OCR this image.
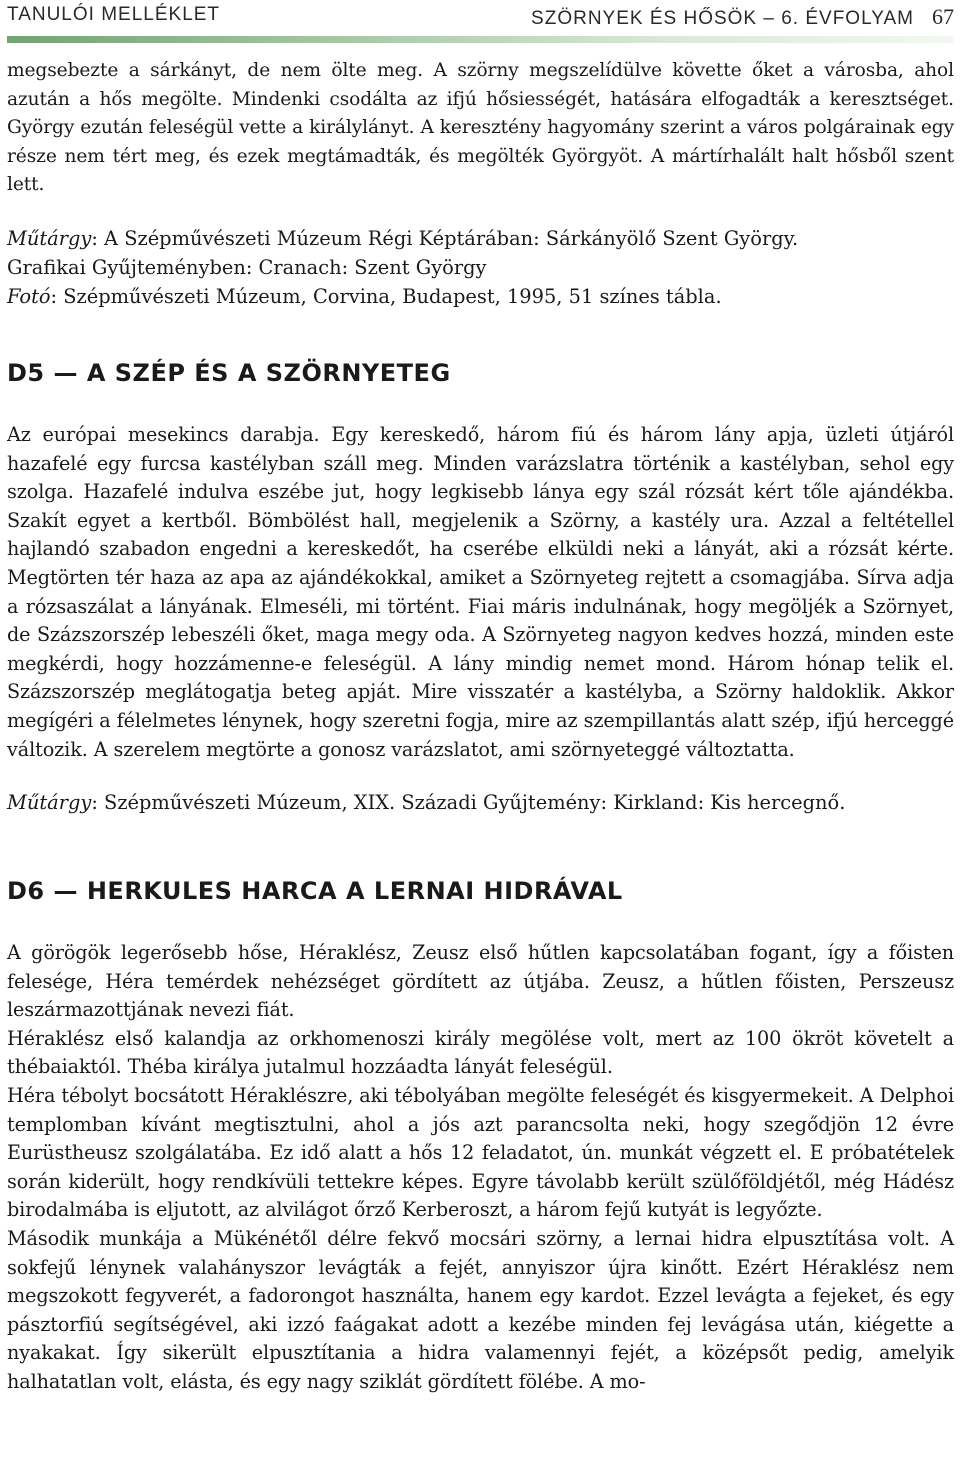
TANULÓI MELLÉKLET	SZÖRNYEK ÉS HŐSÖK – 6. ÉVFOLYAM 67

megsebezte a sárkányt, de nem ölte meg. A szörny megszelídülve követte őket a városba, ahol azután a hős megölte. Mindenki csodálta az ifjú hősiességét, hatására elfogadták a keresztséget. György ezután feleségül vette a királylányt. A keresztény hagyomány szerint a város polgárainak egy része nem tért meg, és ezek megtámadták, és megölték Györgyöt. A mártírhalált halt hősből szent lett.

Műtárgy: A Szépművészeti Múzeum Régi Képtárában: Sárkányölő Szent György.

Grafikai Gyűjteményben: Cranach: Szent György

Fotó: Szépművészeti Múzeum, Corvina, Budapest, 1995, 51 színes tábla.

D5 — A SZÉP ÉS A SZÖRNYETEG

Az európai mesekincs darabja. Egy kereskedő, három fiú és három lány apja, üzleti útjáról hazafelé egy furcsa kastélyban száll meg. Minden varázslatra történik a kastélyban, sehol egy szolga. Hazafelé indulva eszébe jut, hogy legkisebb lánya egy szál rózsát kért tőle ajándékba. Szakít egyet a kertből. Bömbölést hall, megjelenik a Szörny, a kastély ura. Azzal a feltétellel hajlandó szabadon engedni a kereskedőt, ha cserébe elküldi neki a lányát, aki a rózsát kérte. Megtörten tér haza az apa az ajándékokkal, amiket a Szörnyeteg rejtett a csomagjába. Sírva adja a rózsaszálat a lányának. Elmeséli, mi történt. Fiai máris indulnának, hogy megöljék a Szörnyet, de Százszorszép lebeszéli őket, maga megy oda. A Szörnyeteg nagyon kedves hozzá, minden este megkérdi, hogy hozzámenne-e feleségül. A lány mindig nemet mond. Három hónap telik el. Százszorszép meglátogatja beteg apját. Mire visszatér a kastélyba, a Szörny haldoklik. Akkor megígéri a félelmetes lénynek, hogy szeretni fogja, mire az szempillantás alatt szép, ifjú herceggé változik. A szerelem megtörte a gonosz varázslatot, ami szörnyeteggé változtatta.

Műtárgy: Szépművészeti Múzeum, XIX. Századi Gyűjtemény: Kirkland: Kis hercegnő.

D6 — HERKULES HARCA A LERNAI HIDRÁVAL

A görögök legerősebb hőse, Héraklész, Zeusz első hűtlen kapcsolatában fogant, így a főisten felesége, Héra temérdek nehézséget gördített az útjába. Zeusz, a hűtlen főisten, Perszeusz leszármazottjának nevezi fiát.

Héraklész első kalandja az orkhomenoszi király megölése volt, mert az 100 ökröt követelt a thébaiaktól. Théba királya jutalmul hozzáadta lányát feleségül.

Héra tébolyt bocsátott Héraklészre, aki tébolyában megölte feleségét és kisgyermekeit. A Delphoi templomban kívánt megtisztulni, ahol a jós azt parancsolta neki, hogy szegődjön 12 évre Eurüstheusz szolgálatába. Ez idő alatt a hős 12 feladatot, ún. munkát végzett el. E próbatételek során kiderült, hogy rendkívüli tettekre képes. Egyre távolabb került szülőföldjétől, még Hádész birodalmába is eljutott, az alvilágot őrző Kerberoszt, a három fejű kutyát is legyőzte.

Második munkája a Mükénétől délre fekvő mocsári szörny, a lernai hidra elpusztítása volt. A sokfejű lénynek valahányszor levágták a fejét, annyiszor újra kinőtt. Ezért Héraklész nem megszokott fegyverét, a fadorongot használta, hanem egy kardot. Ezzel levágta a fejeket, és egy pásztorfiú segítségével, aki izzó faágakat adott a kezébe minden fej levágása után, kiégette a nyakakat. Így sikerült elpusztítania a hidra valamennyi fejét, a középsőt pedig, amelyik halhatatlan volt, elásta, és egy nagy sziklát gördített fölébe. A mo-
